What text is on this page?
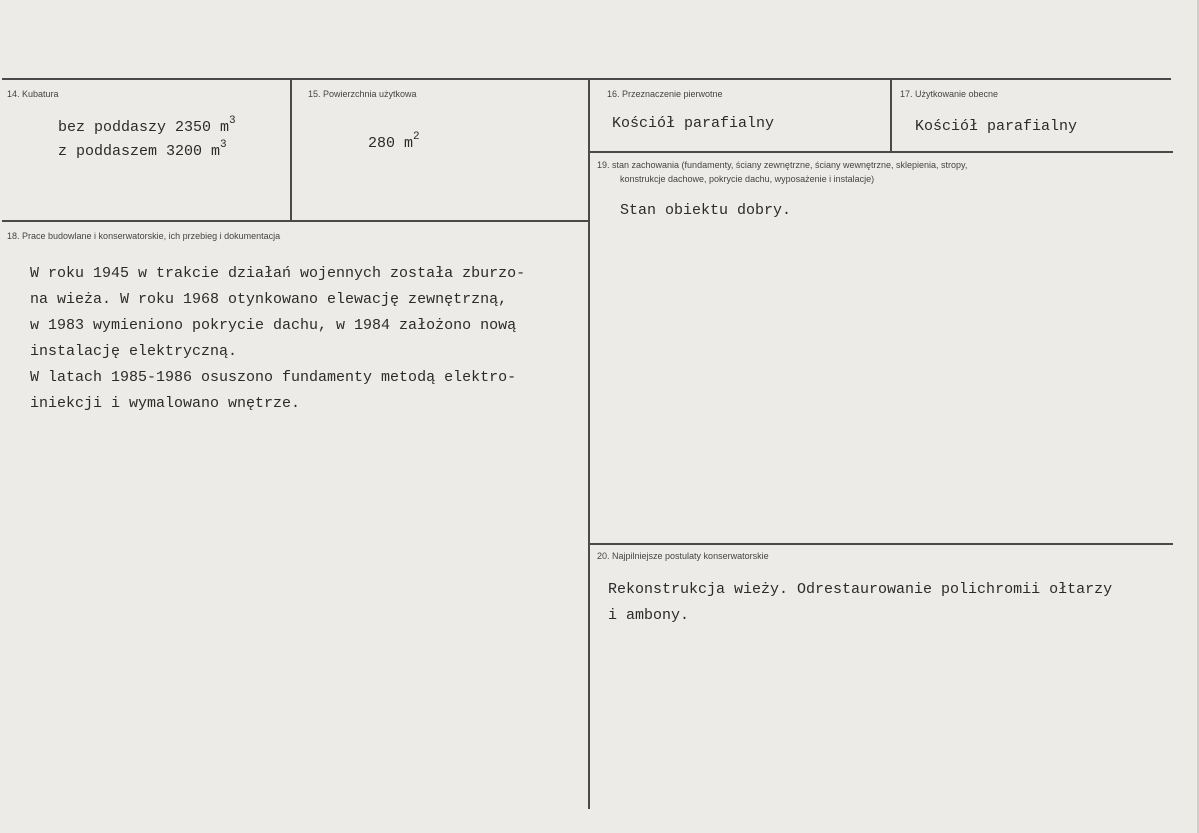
14. Kubatura
bez poddaszy 2350 $m^3$
z poddaszem 3200 $m^3$
15. Powierzchnia użytkowa
280 $m^2$
16. Przeznaczenie pierwotne
Kościół parafialny
17. Użytkowanie obecne
Kościół parafialny
19. stan zachowania (fundamenty, ściany zewnętrzne, ściany wewnętrzne, sklepienia, stropy,
konstrukcje dachowe, pokrycie dachu, wyposażenie i instalacje)
Stan obiektu dobry.
18. Prace budowlane i konserwatorskie, ich przebieg i dokumentacja
W roku 1945 w trakcie działań wojennych została zburzo-
na wieża. W roku 1968 otynkowano elewację zewnętrzną,
w 1983 wymieniono pokrycie dachu, w 1984 założono nową
instalację elektryczną.
W latach 1985-1986 osuszono fundamenty metodą elektro-
iniekcji i wymalowano wnętrze.
20. Najpilniejsze postulaty konserwatorskie
Rekonstrukcja wieży. Odrestaurowanie polichromii ołtarzy
i ambony.
